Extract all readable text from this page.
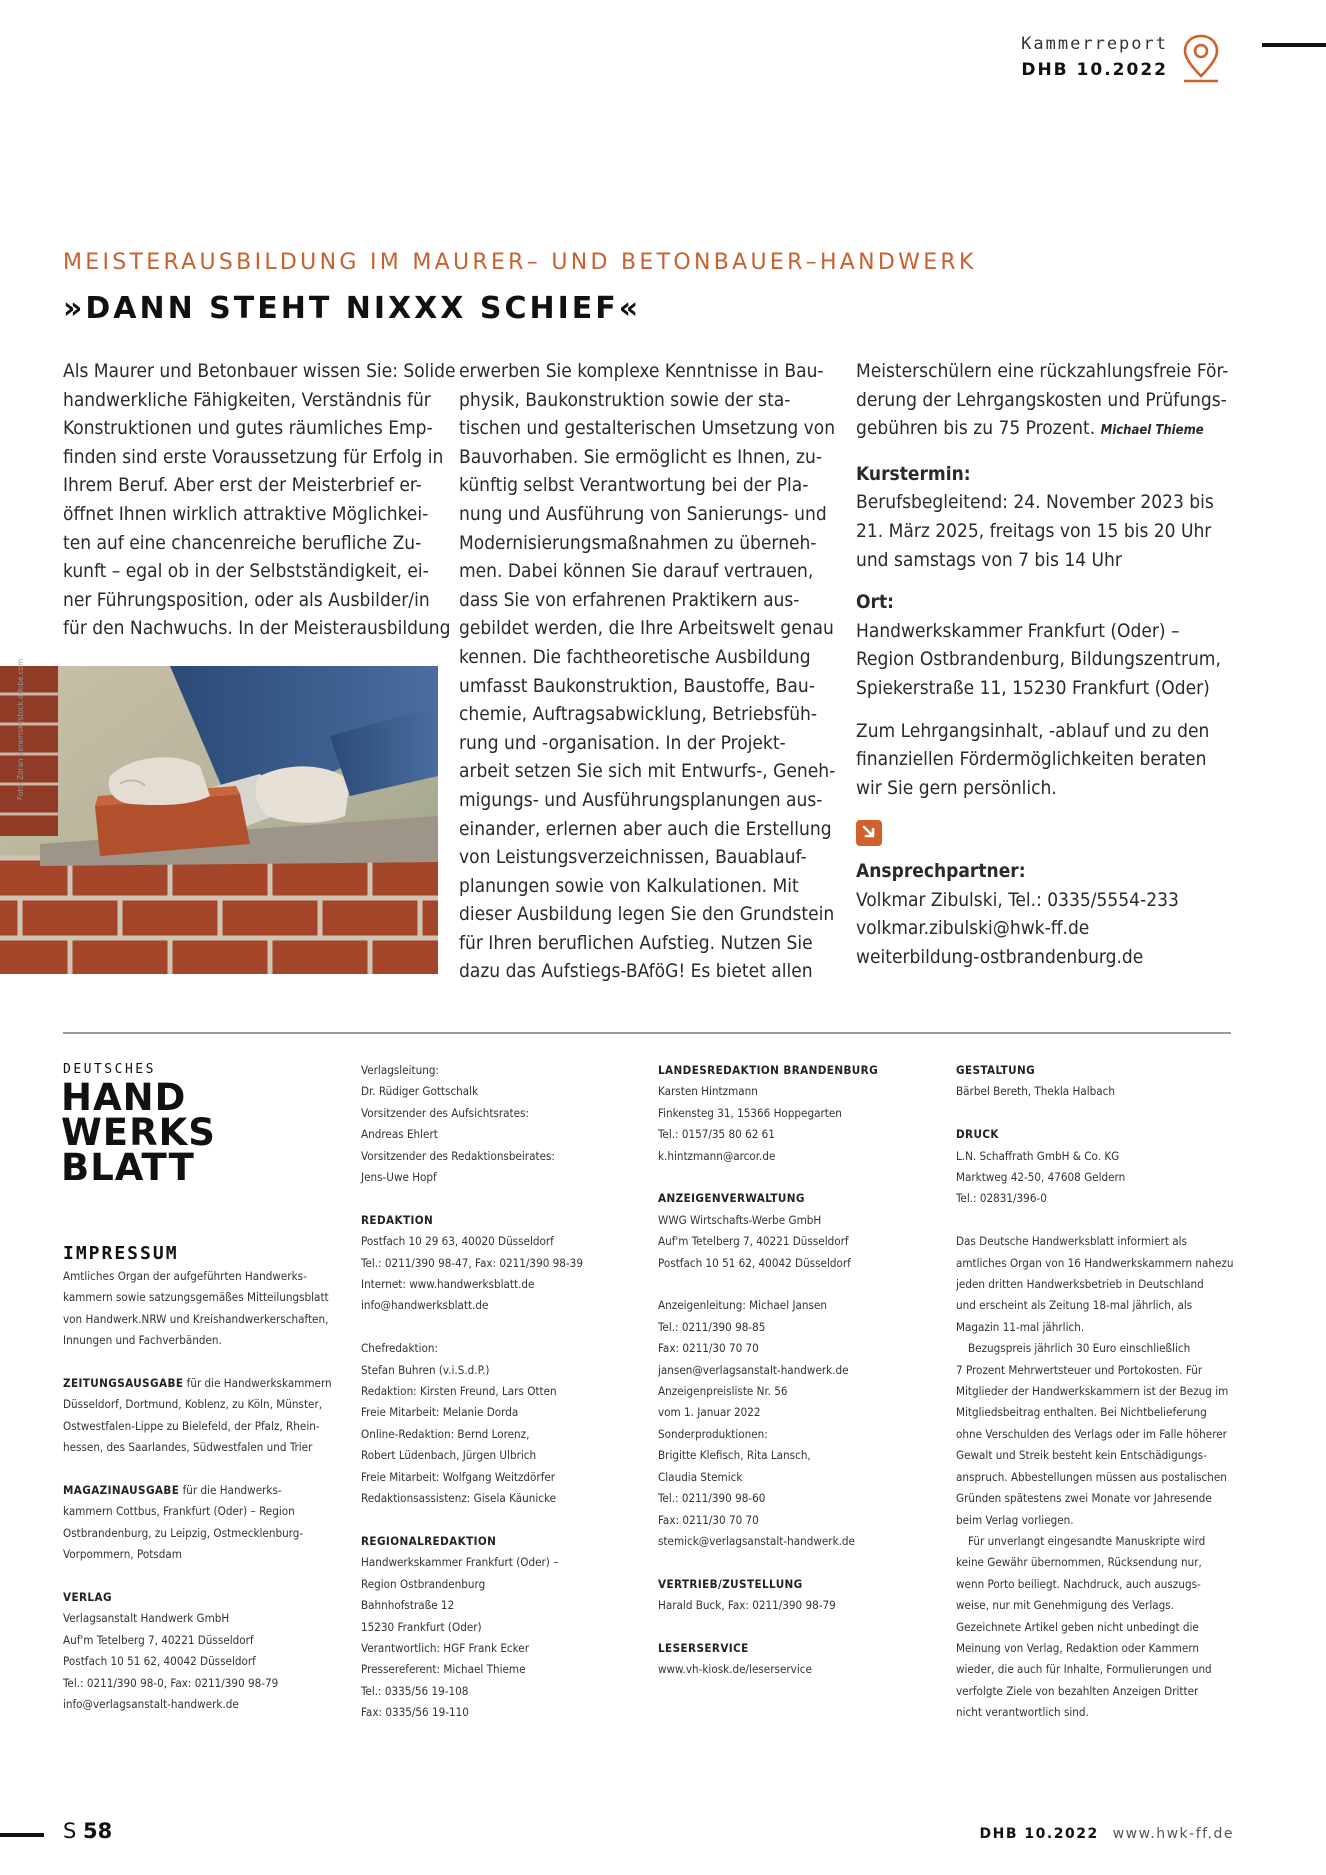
Kammerreport
DHB 10.2022
MEISTERAUSBILDUNG IM MAURER– UND BETONBAUER–HANDWERK
»DANN STEHT NIXXX SCHIEF«

Als Maurer und Betonbauer wissen Sie: Solide

handwerkliche Fähigkeiten, Verständnis für

Konstruktionen und gutes räumliches Emp-

finden sind erste Voraussetzung für Erfolg in

Ihrem Beruf. Aber erst der Meisterbrief er-

öffnet Ihnen wirklich attraktive Möglichkei-

ten auf eine chancenreiche berufliche Zu-

kunft – egal ob in der Selbstständigkeit, ei-

ner Führungsposition, oder als Ausbilder/in

für den Nachwuchs. In der Meisterausbildung

Foto: Zoran Zeremski/stock.adobe.com

erwerben Sie komplexe Kenntnisse in Bau-

physik, Baukonstruktion sowie der sta-

tischen und gestalterischen Umsetzung von

Bauvorhaben. Sie ermöglicht es Ihnen, zu-

künftig selbst Verantwortung bei der Pla-

nung und Ausführung von Sanierungs- und

Modernisierungsmaßnahmen zu überneh-

men. Dabei können Sie darauf vertrauen,

dass Sie von erfahrenen Praktikern aus-

gebildet werden, die Ihre Arbeitswelt genau

kennen. Die fachtheoretische Ausbildung

umfasst Baukonstruktion, Baustoffe, Bau-

chemie, Auftragsabwicklung, Betriebsfüh-

rung und -organisation. In der Projekt-

arbeit setzen Sie sich mit Entwurfs-, Geneh-

migungs- und Ausführungsplanungen aus-

einander, erlernen aber auch die Erstellung

von Leistungsverzeichnissen, Bauablauf-

planungen sowie von Kalkulationen. Mit

dieser Ausbildung legen Sie den Grundstein

für Ihren beruflichen Aufstieg. Nutzen Sie

dazu das Aufstiegs-BAföG! Es bietet allen

Meisterschülern eine rückzahlungsfreie För-

derung der Lehrgangskosten und Prüfungs-

gebühren bis zu 75 Prozent. Michael Thieme

Kurstermin:

Berufsbegleitend: 24. November 2023 bis

21. März 2025, freitags von 15 bis 20 Uhr

und samstags von 7 bis 14 Uhr

Ort:

Handwerkskammer Frankfurt (Oder) –

Region Ostbrandenburg, Bildungszentrum,

Spiekerstraße 11, 15230 Frankfurt (Oder)

Zum Lehrgangsinhalt, -ablauf und zu den

finanziellen Fördermöglichkeiten beraten

wir Sie gern persönlich.

Ansprechpartner:

Volkmar Zibulski, Tel.: 0335/5554-233

volkmar.zibulski@hwk-ff.de

weiterbildung-ostbrandenburg.de

DEUTSCHES
HAND
WERKS
BLATT
IMPRESSUM

Amtliches Organ der aufgeführten Handwerks-

kammern sowie satzungsgemäßes Mitteilungsblatt

von Handwerk.NRW und Kreishandwerkerschaften,

Innungen und Fachverbänden.

ZEITUNGSAUSGABE für die Handwerkskammern

Düsseldorf, Dortmund, Koblenz, zu Köln, Münster,

Ostwestfalen-Lippe zu Bielefeld, der Pfalz, Rhein-

hessen, des Saarlandes, Südwestfalen und Trier

MAGAZINAUSGABE für die Handwerks-

kammern Cottbus, Frankfurt (Oder) – Region

Ostbrandenburg, zu Leipzig, Ostmecklenburg-

Vorpommern, Potsdam

VERLAG

Verlagsanstalt Handwerk GmbH

Auf'm Tetelberg 7, 40221 Düsseldorf

Postfach 10 51 62, 40042 Düsseldorf

Tel.: 0211/390 98-0, Fax: 0211/390 98-79

info@verlagsanstalt-handwerk.de

Verlagsleitung:

Dr. Rüdiger Gottschalk

Vorsitzender des Aufsichtsrates:

Andreas Ehlert

Vorsitzender des Redaktionsbeirates:

Jens-Uwe Hopf

REDAKTION

Postfach 10 29 63, 40020 Düsseldorf

Tel.: 0211/390 98-47, Fax: 0211/390 98-39

Internet: www.handwerksblatt.de

info@handwerksblatt.de

Chefredaktion:

Stefan Buhren (v.i.S.d.P.)

Redaktion: Kirsten Freund, Lars Otten

Freie Mitarbeit: Melanie Dorda

Online-Redaktion: Bernd Lorenz,

Robert Lüdenbach, Jürgen Ulbrich

Freie Mitarbeit: Wolfgang Weitzdörfer

Redaktionsassistenz: Gisela Käunicke

REGIONALREDAKTION

Handwerkskammer Frankfurt (Oder) –

Region Ostbrandenburg

Bahnhofstraße 12

15230 Frankfurt (Oder)

Verantwortlich: HGF Frank Ecker

Pressereferent: Michael Thieme

Tel.: 0335/56 19-108

Fax: 0335/56 19-110

LANDESREDAKTION BRANDENBURG

Karsten Hintzmann

Finkensteg 31, 15366 Hoppegarten

Tel.: 0157/35 80 62 61

k.hintzmann@arcor.de

ANZEIGENVERWALTUNG

WWG Wirtschafts-Werbe GmbH

Auf'm Tetelberg 7, 40221 Düsseldorf

Postfach 10 51 62, 40042 Düsseldorf

Anzeigenleitung: Michael Jansen

Tel.: 0211/390 98-85

Fax: 0211/30 70 70

jansen@verlagsanstalt-handwerk.de

Anzeigenpreisliste Nr. 56

vom 1. Januar 2022

Sonderproduktionen:

Brigitte Klefisch, Rita Lansch,

Claudia Stemick

Tel.: 0211/390 98-60

Fax: 0211/30 70 70

stemick@verlagsanstalt-handwerk.de

VERTRIEB/ZUSTELLUNG

Harald Buck, Fax: 0211/390 98-79

LESERSERVICE

www.vh-kiosk.de/leserservice

GESTALTUNG

Bärbel Bereth, Thekla Halbach

DRUCK

L.N. Schaffrath GmbH & Co. KG

Marktweg 42-50, 47608 Geldern

Tel.: 02831/396-0

Das Deutsche Handwerksblatt informiert als

amtliches Organ von 16 Handwerkskammern nahezu

jeden dritten Handwerksbetrieb in Deutschland

und erscheint als Zeitung 18-mal jährlich, als

Magazin 11-mal jährlich.

Bezugspreis jährlich 30 Euro einschließlich

7 Prozent Mehrwertsteuer und Portokosten. Für

Mitglieder der Handwerkskammern ist der Bezug im

Mitgliedsbeitrag enthalten. Bei Nichtbelieferung

ohne Verschulden des Verlags oder im Falle höherer

Gewalt und Streik besteht kein Entschädigungs-

anspruch. Abbestellungen müssen aus postalischen

Gründen spätestens zwei Monate vor Jahresende

beim Verlag vorliegen.

Für unverlangt eingesandte Manuskripte wird

keine Gewähr übernommen, Rücksendung nur,

wenn Porto beiliegt. Nachdruck, auch auszugs-

weise, nur mit Genehmigung des Verlags.

Gezeichnete Artikel geben nicht unbedingt die

Meinung von Verlag, Redaktion oder Kammern

wieder, die auch für Inhalte, Formulierungen und

verfolgte Ziele von bezahlten Anzeigen Dritter

nicht verantwortlich sind.

S 58	DHB 10.2022 www.hwk-ff.de
